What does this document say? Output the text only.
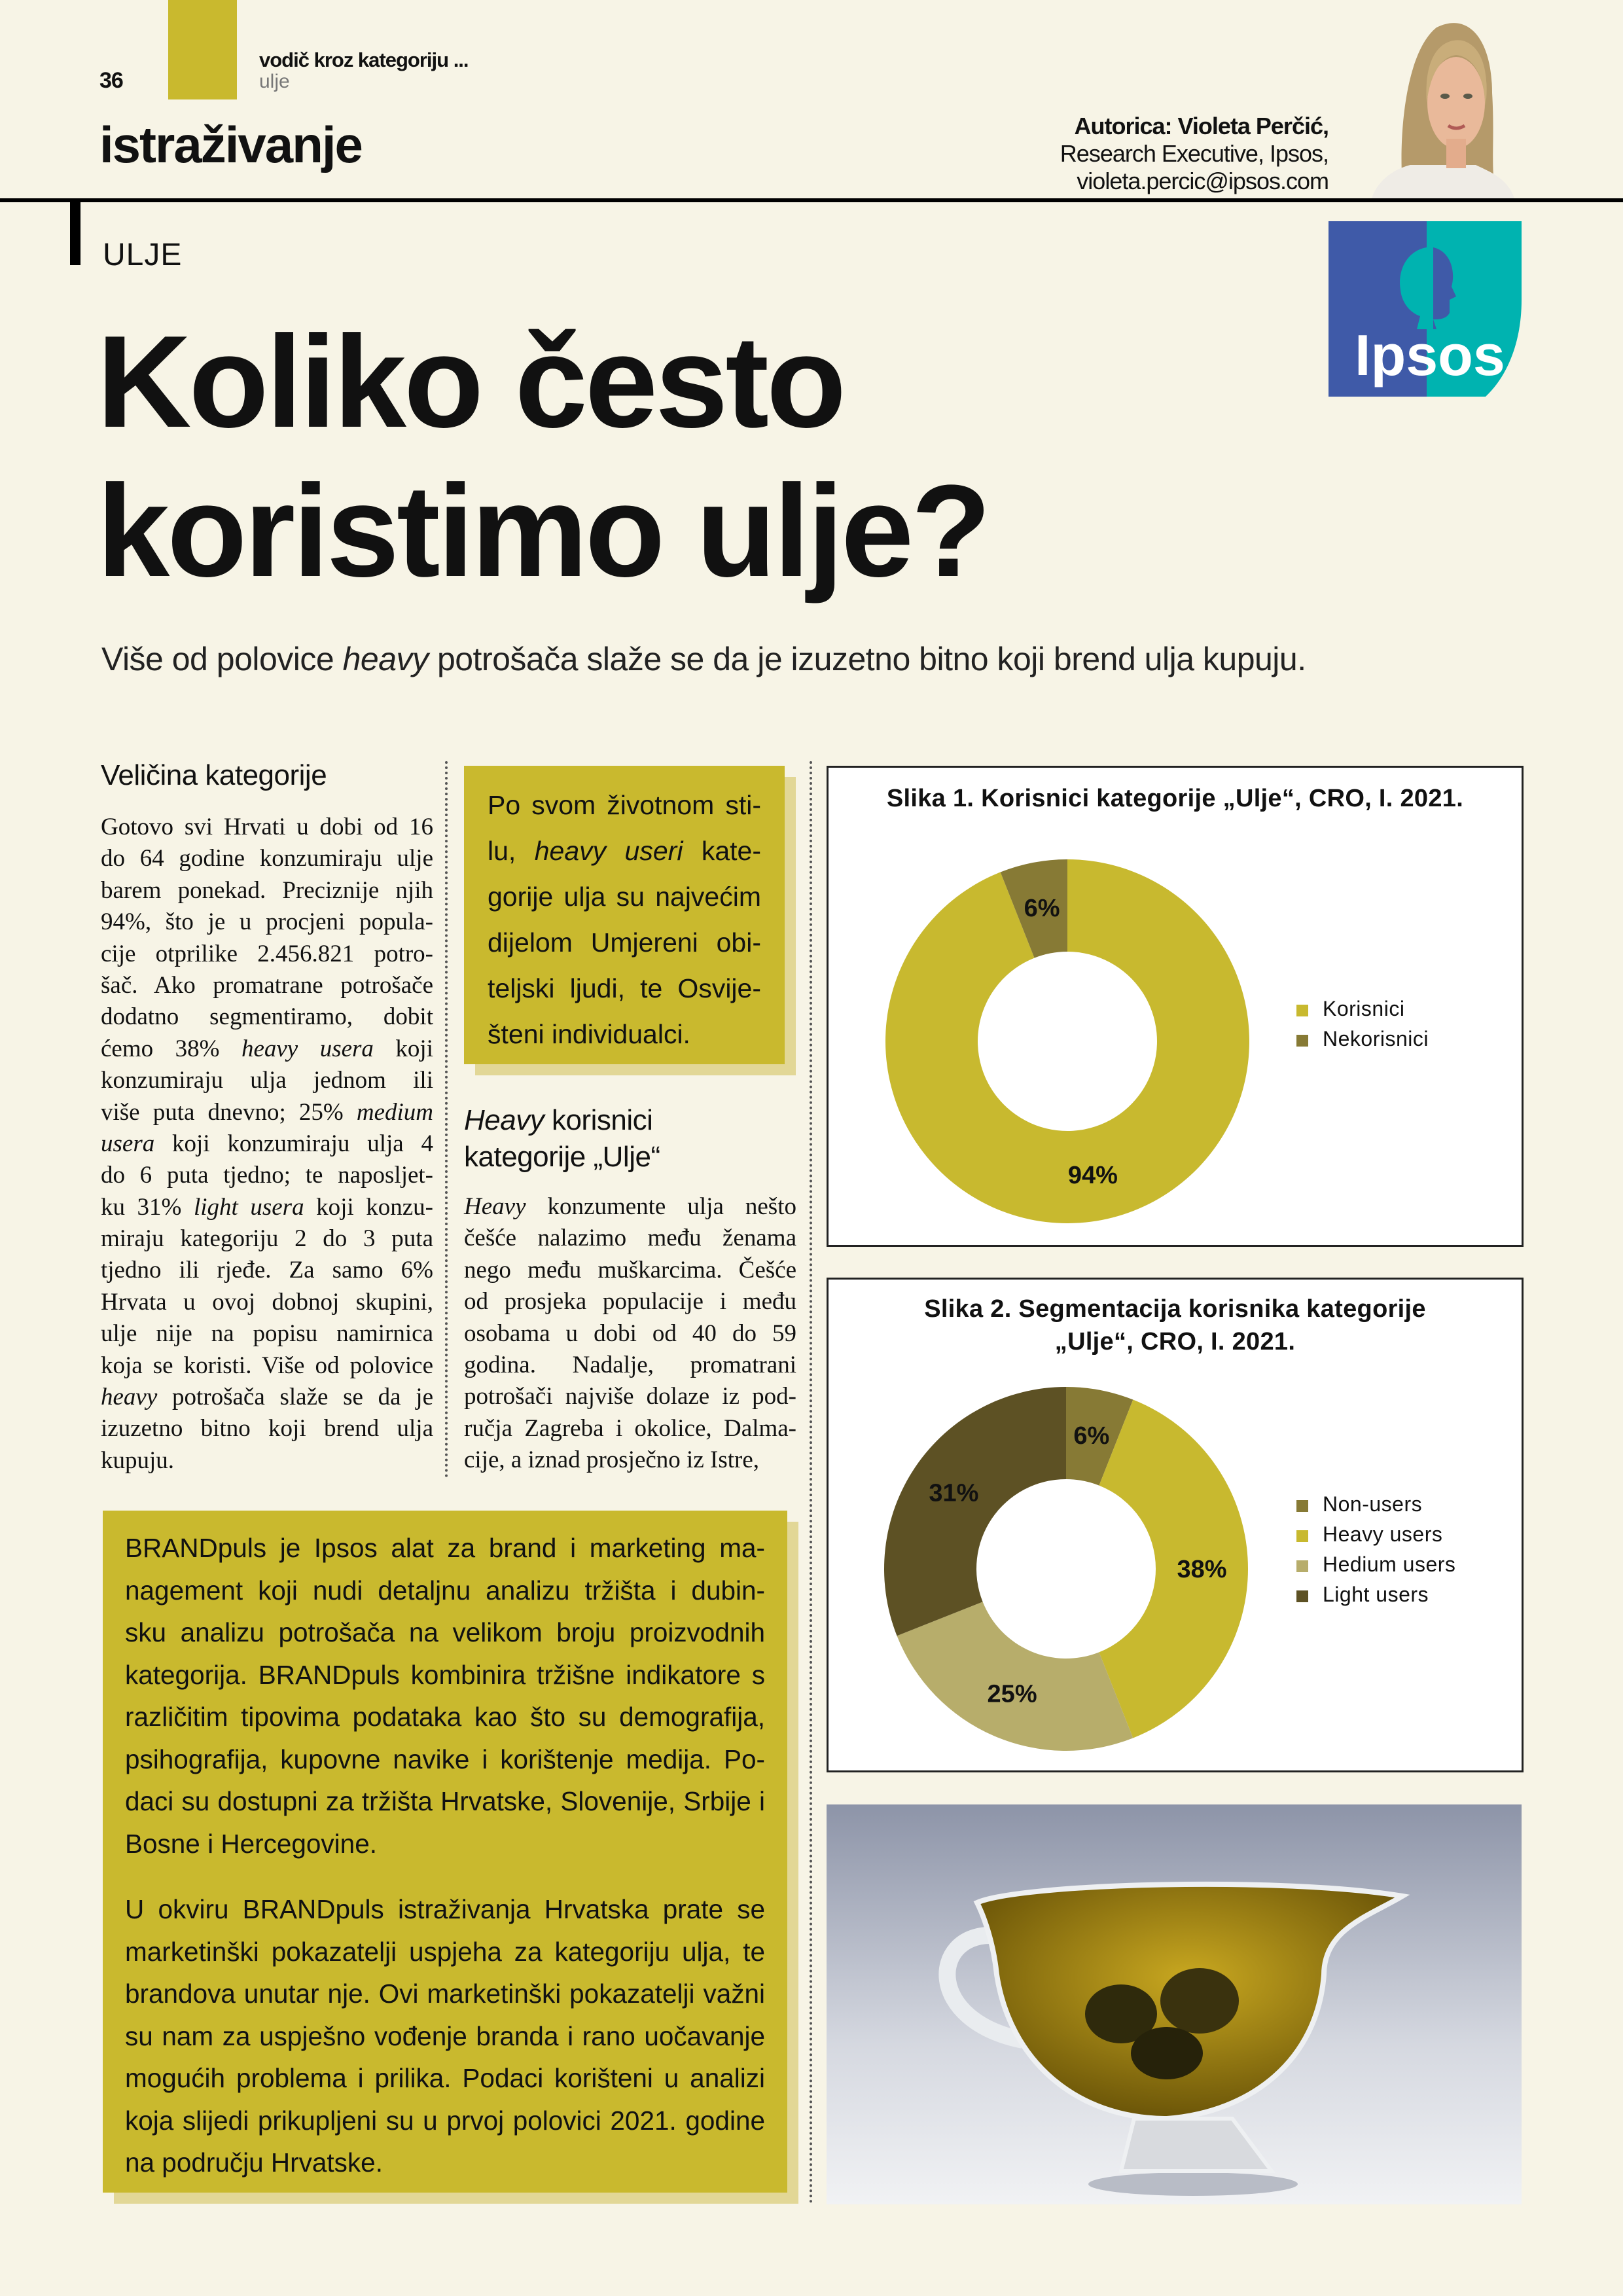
36
vodič kroz kategoriju ...
ulje
istraživanje	Autorica: Violeta Perčić,
Research Executive, Ipsos,
violeta.percic@ipsos.com
ULJE
Ipsos
Koliko često
koristimo ulje?
Više od polovice heavy potrošača slaže se da je izuzetno bitno koji brend ulja kupuju.
Veličina kategorije
Gotovo svi Hrvati u dobi od 16
do 64 godine konzumiraju ulje
barem ponekad. Preciznije njih
94%, što je u procjeni popula-
cije otprilike 2.456.821 potro-
šač. Ako promatrane potrošače
dodatno segmentiramo, dobit
ćemo 38% heavy usera koji
konzumiraju ulja jednom ili
više puta dnevno; 25% medium
usera koji konzumiraju ulja 4
do 6 puta tjedno; te naposljet-
ku 31% light usera koji konzu-
miraju kategoriju 2 do 3 puta
tjedno ili rjeđe. Za samo 6%
Hrvata u ovoj dobnoj skupini,
ulje nije na popisu namirnica
koja se koristi. Više od polovice
heavy potrošača slaže se da je
izuzetno bitno koji brend ulja
kupuju.
Po svom životnom sti-
lu, heavy useri kate-
gorije ulja su najvećim
dijelom Umjereni obi-
teljski ljudi, te Osvije-
šteni individualci.
Heavy korisnici
kategorije „Ulje“
Heavy konzumente ulja nešto
češće nalazimo među ženama
nego među muškarcima. Češće
od prosjeka populacije i među
osobama u dobi od 40 do 59
godina. Nadalje, promatrani
potrošači najviše dolaze iz pod-
ručja Zagreba i okolice, Dalma-
cije, a iznad prosječno iz Istre,
BRANDpuls je Ipsos alat za brand i marketing ma-
nagement koji nudi detaljnu analizu tržišta i dubin-
sku analizu potrošača na velikom broju proizvodnih
kategorija. BRANDpuls kombinira tržišne indikatore s
različitim tipovima podataka kao što su demografija,
psihografija, kupovne navike i korištenje medija. Po-
daci su dostupni za tržišta Hrvatske, Slovenije, Srbije i
Bosne i Hercegovine.
U okviru BRANDpuls istraživanja Hrvatska prate se
marketinški pokazatelji uspjeha za kategoriju ulja, te
brandova unutar nje. Ovi marketinški pokazatelji važni
su nam za uspješno vođenje branda i rano uočavanje
mogućih problema i prilika. Podaci korišteni u analizi
koja slijedi prikupljeni su u prvoj polovici 2021. godine
na području Hrvatske.
Slika 1. Korisnici kategorije „Ulje“, CRO, I. 2021.
94%
6%
Korisnici
Nekorisnici
Slika 2. Segmentacija korisnika kategorije
„Ulje“, CRO, I. 2021.
6%
38%
25%
31%	Non-users
Heavy users
Hedium users
Light users
